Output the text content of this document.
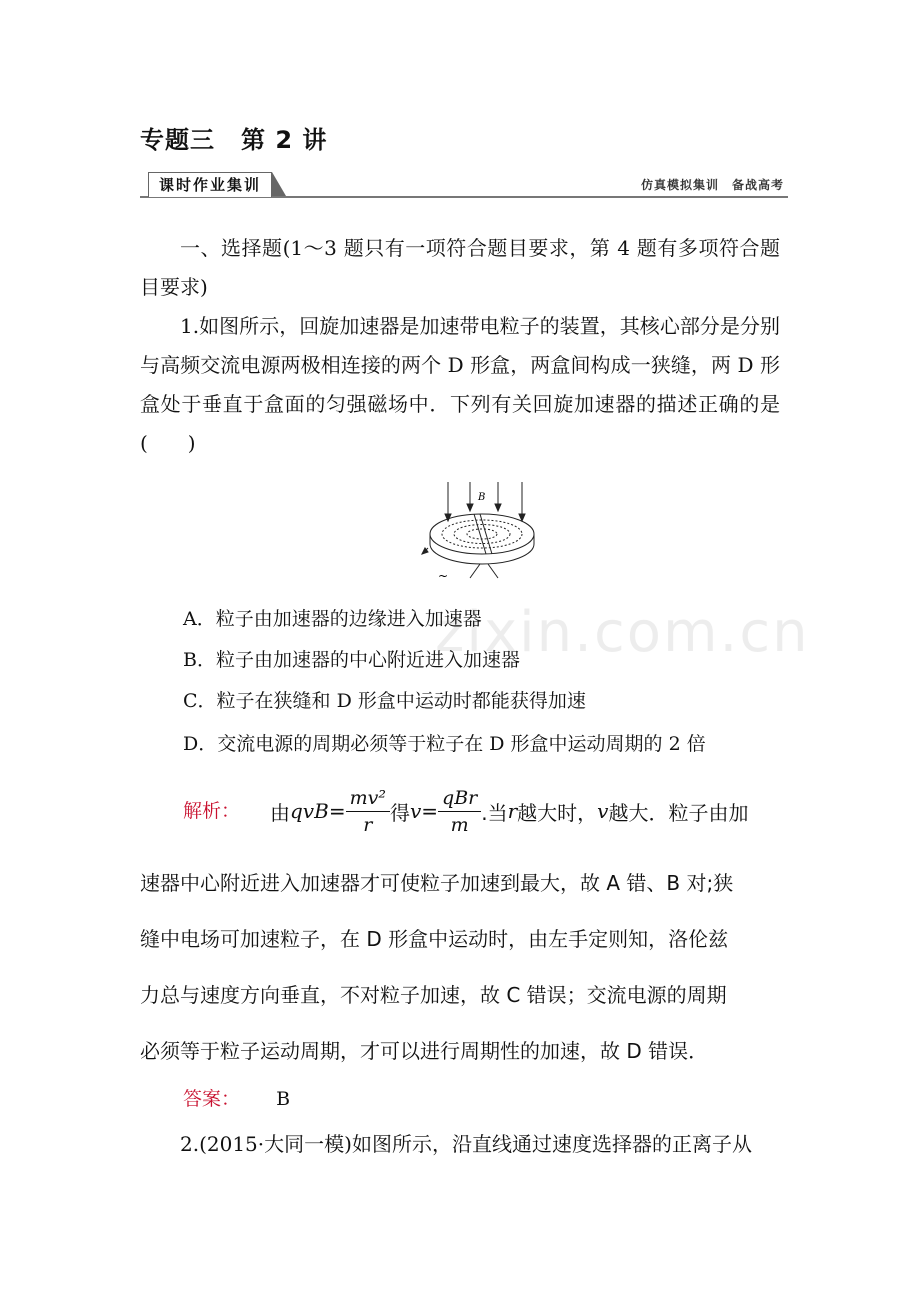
专题三 第 2 讲
课时作业集训	仿真模拟集训　备战高考
一、选择题(1～3 题只有一项符合题目要求，第 4 题有多项符合题目要求)
1.如图所示，回旋加速器是加速带电粒子的装置，其核心部分是分别与高频交流电源两极相连接的两个 D 形盒，两盒间构成一狭缝，两 D 形盒处于垂直于盒面的匀强磁场中．下列有关回旋加速器的描述正确的是(　　)
B
~
A．粒子由加速器的边缘进入加速器
B．粒子由加速器的中心附近进入加速器
C．粒子在狭缝和 D 形盒中运动时都能获得加速
D．交流电源的周期必须等于粒子在 D 形盒中运动周期的 2 倍
解析： 由 qvB = $\frac{\text{mv²}}{r}$ 得 $v = \frac{\text{qBr}}{m}$ .当 r 越大时， v 越大．粒子由加
速器中心附近进入加速器才可使粒子加速到最大，故 A 错、B 对;狭
缝中电场可加速粒子，在 D 形盒中运动时，由左手定则知，洛伦兹
力总与速度方向垂直，不对粒子加速，故 C 错误；交流电源的周期
必须等于粒子运动周期，才可以进行周期性的加速，故 D 错误．
答案： B
2.(2015·大同一模)如图所示，沿直线通过速度选择器的正离子从
zixin.com.cn
